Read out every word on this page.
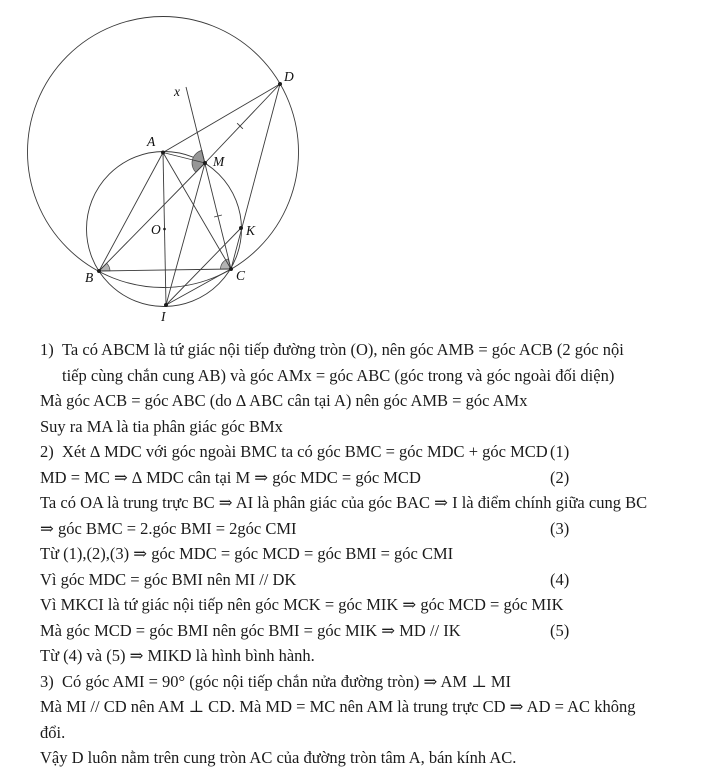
A
B	C
D
I
K
M
O
x
1) Ta có ABCM là tứ giác nội tiếp đường tròn (O), nên góc AMB = góc ACB (2 góc nội
tiếp cùng chắn cung AB) và góc AMx = góc ABC (góc trong và góc ngoài đối diện)
Mà góc ACB = góc ABC (do ∆ ABC cân tại A) nên góc AMB = góc AMx
Suy ra MA là tia phân giác góc BMx
2) Xét ∆ MDC với góc ngoài BMC ta có góc BMC = góc MDC + góc MCD (1)
MD = MC ⇒ ∆ MDC cân tại M ⇒ góc MDC = góc MCD	(2)
Ta có OA là trung trực BC ⇒ AI là phân giác của góc BAC ⇒ I là điểm chính giữa cung BC
⇒ góc BMC = 2.góc BMI = 2góc CMI	(3)
Từ (1),(2),(3) ⇒ góc MDC = góc MCD = góc BMI = góc CMI
Vì góc MDC = góc BMI nên MI // DK	(4)
Vì MKCI là tứ giác nội tiếp nên góc MCK = góc MIK ⇒ góc MCD = góc MIK
Mà góc MCD = góc BMI nên góc BMI = góc MIK ⇒ MD // IK	(5)
Từ (4) và (5) ⇒ MIKD là hình bình hành.
3) Có góc AMI = 90° (góc nội tiếp chắn nửa đường tròn) ⇒ AM ⊥ MI
Mà MI // CD nên AM ⊥ CD. Mà MD = MC nên AM là trung trực CD ⇒ AD = AC không
đổi.
Vậy D luôn nằm trên cung tròn AC của đường tròn tâm A, bán kính AC.
